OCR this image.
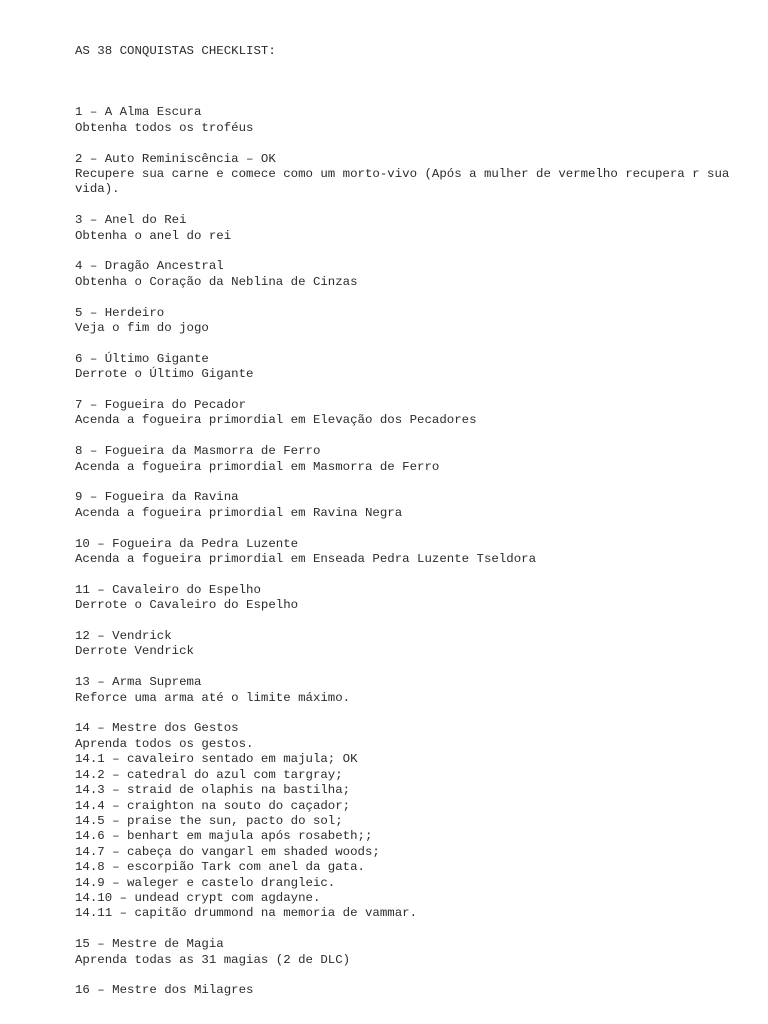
AS 38 CONQUISTAS CHECKLIST:

1 – A Alma Escura
Obtenha todos os troféus
2 – Auto Reminiscência – OK
Recupere sua carne e comece como um morto-vivo (Após a mulher de vermelho recupera r sua vida).
3 – Anel do Rei
Obtenha o anel do rei
4 – Dragão Ancestral
Obtenha o Coração da Neblina de Cinzas
5 – Herdeiro
Veja o fim do jogo
6 – Último Gigante
Derrote o Último Gigante
7 – Fogueira do Pecador
Acenda a fogueira primordial em Elevação dos Pecadores
8 – Fogueira da Masmorra de Ferro
Acenda a fogueira primordial em Masmorra de Ferro
9 – Fogueira da Ravina
Acenda a fogueira primordial em Ravina Negra
10 – Fogueira da Pedra Luzente
Acenda a fogueira primordial em Enseada Pedra Luzente Tseldora
11 – Cavaleiro do Espelho
Derrote o Cavaleiro do Espelho
12 – Vendrick
Derrote Vendrick
13 – Arma Suprema
Reforce uma arma até o limite máximo.
14 – Mestre dos Gestos
Aprenda todos os gestos.
14.1 – cavaleiro sentado em majula; OK
14.2 – catedral do azul com targray;
14.3 – straid de olaphis na bastilha;
14.4 – craighton na souto do caçador;
14.5 – praise the sun, pacto do sol;
14.6 – benhart em majula após rosabeth;;
14.7 – cabeça do vangarl em shaded woods;
14.8 – escorpião Tark com anel da gata.
14.9 – waleger e castelo drangleic.
14.10 – undead crypt com agdayne.
14.11 – capitão drummond na memoria de vammar.
15 – Mestre de Magia
Aprenda todas as 31 magias (2 de DLC)
16 – Mestre dos Milagres
